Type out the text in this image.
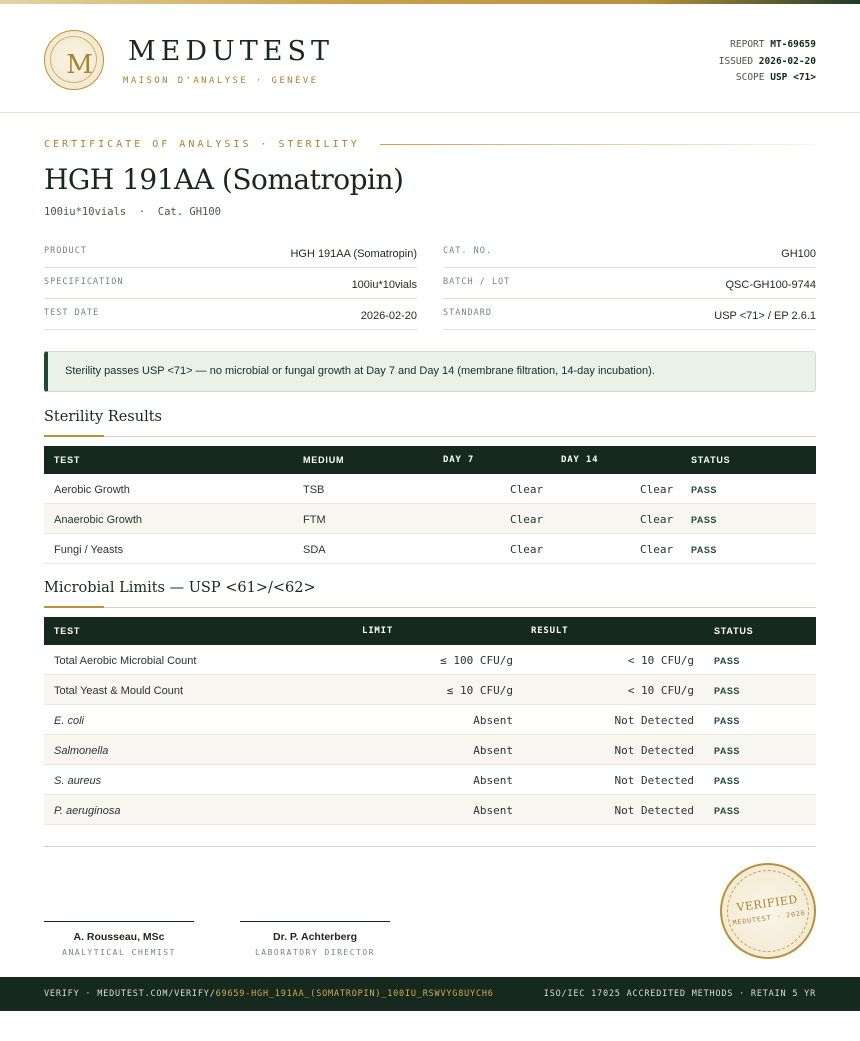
M	MEDUTEST
MAISON D'ANALYSE · GENÈVE
REPORT MT-69659
ISSUED 2026-02-20
SCOPE USP <71>
CERTIFICATE OF ANALYSIS · STERILITY
HGH 191AA (Somatropin)
100iu*10vials  ·  Cat. GH100
PRODUCT	HGH 191AA (Somatropin)
SPECIFICATION	100iu*10vials
TEST DATE	2026-02-20
CAT. NO.	GH100
BATCH / LOT	QSC-GH100-9744
STANDARD	USP <71> / EP 2.6.1
Sterility passes USP <71> — no microbial or fungal growth at Day 7 and Day 14 (membrane filtration, 14-day incubation).
Sterility Results
TEST	MEDIUM	DAY 7	DAY 14	STATUS
Aerobic Growth	TSB	Clear	Clear PASS
Anaerobic Growth	FTM	Clear	Clear PASS
Fungi / Yeasts	SDA	Clear	Clear PASS
Microbial Limits — USP <61>/<62>
TEST	LIMIT	RESULT	STATUS
Total Aerobic Microbial Count	≤ 100 CFU/g	< 10 CFU/g PASS
Total Yeast & Mould Count	≤ 10 CFU/g	< 10 CFU/g PASS
E. coli	Absent	Not Detected PASS
Salmonella	Absent	Not Detected PASS
S. aureus	Absent	Not Detected PASS
P. aeruginosa	Absent	Not Detected PASS
A. Rousseau, MSc
ANALYTICAL CHEMIST
Dr. P. Achterberg
LABORATORY DIRECTOR
VERIFIED
MEDUTEST · 2026
VERIFY · MEDUTEST.COM/VERIFY/69659-HGH_191AA_(SOMATROPIN)_100IU_RSWVYG8UYCH6	ISO/IEC 17025 ACCREDITED METHODS · RETAIN 5 YR
